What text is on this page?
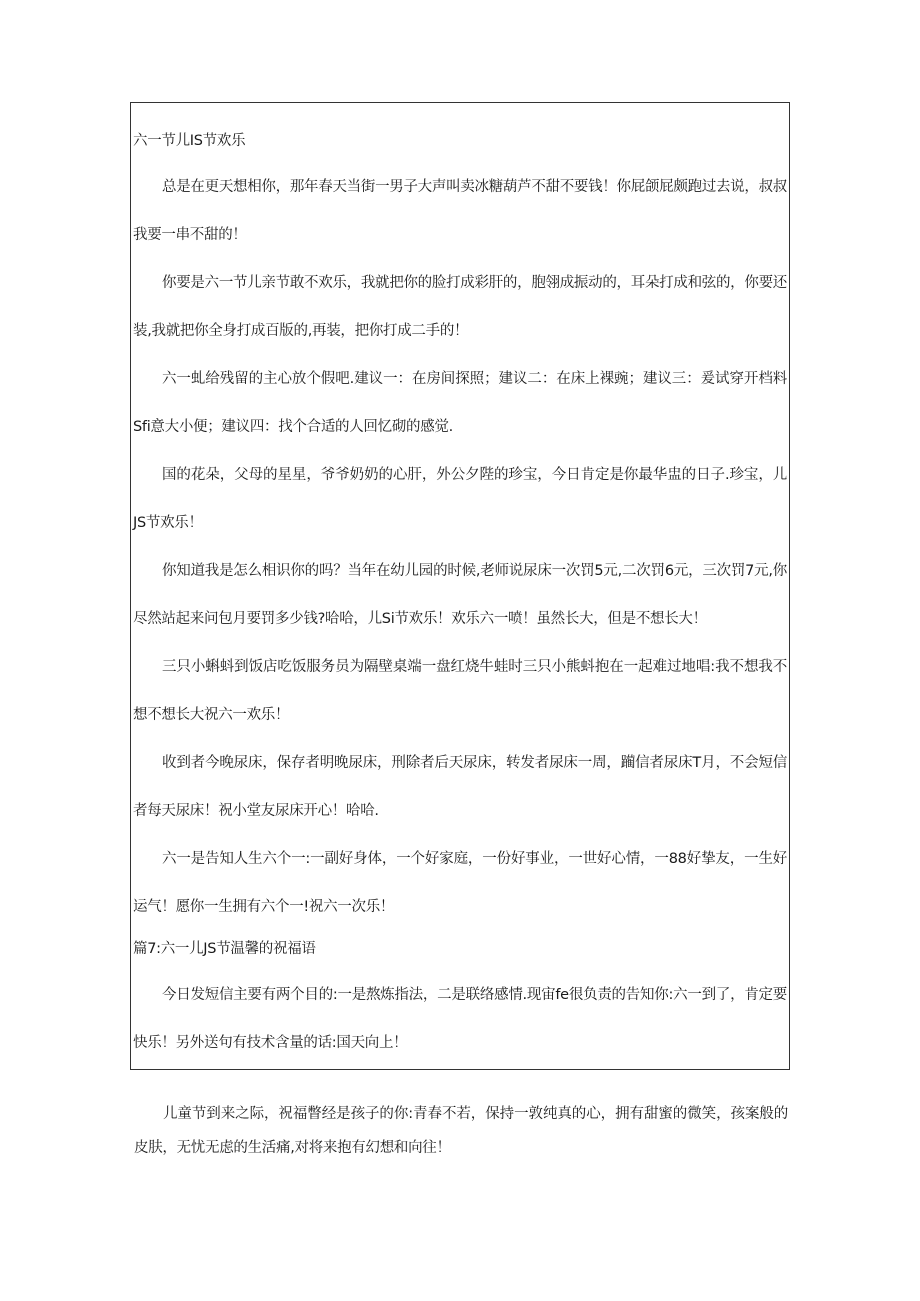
六一节儿IS节欢乐

总是在更天想相你，那年春天当街一男子大声叫卖冰糖葫芦不甜不要钱！你屁颌屁颇跑过去说，叔叔我要一串不甜的！

你要是六一节儿亲节敢不欢乐，我就把你的脸打成彩肝的，胞翎成振动的，耳朵打成和弦的，你要还装,我就把你全身打成百版的,再装，把你打成二手的！

六一虬给残留的主心放个假吧.建议一：在房间探照；建议二：在床上裸豌；建议三：爰试穿开档料Sfi意大小便；建议四：找个合适的人回忆砌的感觉.

国的花朵，父母的星星，爷爷奶奶的心肝，外公夕陛的珍宝，今日肯定是你最华盅的日子.珍宝，儿JS节欢乐！

你知道我是怎么相识你的吗？当年在幼儿园的时候,老师说尿床一次罚5元,二次罚6元，三次罚7元,你尽然站起来问包月要罚多少钱?哈哈，儿Si节欢乐！欢乐六一喷！虽然长大，但是不想长大！

三只小蝌蚪到饭店吃饭服务员为隔壁桌端一盘红烧牛蛙时三只小熊蚪抱在一起难过地唱:我不想我不想不想长大祝六一欢乐！

收到者今晚尿床，保存者明晚尿床，刑除者后天尿床，转发者尿床一周，躏信者尿床T月，不会短信者每天尿床！祝小堂友尿床开心！哈哈.

六一是告知人生六个一:一副好身体，一个好家庭，一份好事业，一世好心情，一88好挚友，一生好运气！愿你一生拥有六个一!祝六一次乐！

篇7:六一儿JS节温馨的祝福语

今日发短信主要有两个目的:一是熬炼指法，二是联络感情.现宙fe很负责的告知你:六一到了，肯定要快乐！另外送句有技术含量的话:国天向上！

儿童节到来之际，祝福瞥经是孩子的你:青春不若，保持一敦纯真的心，拥有甜蜜的微笑，孩案般的皮肤，无忧无虑的生活痛,对将来抱有幻想和向往！
